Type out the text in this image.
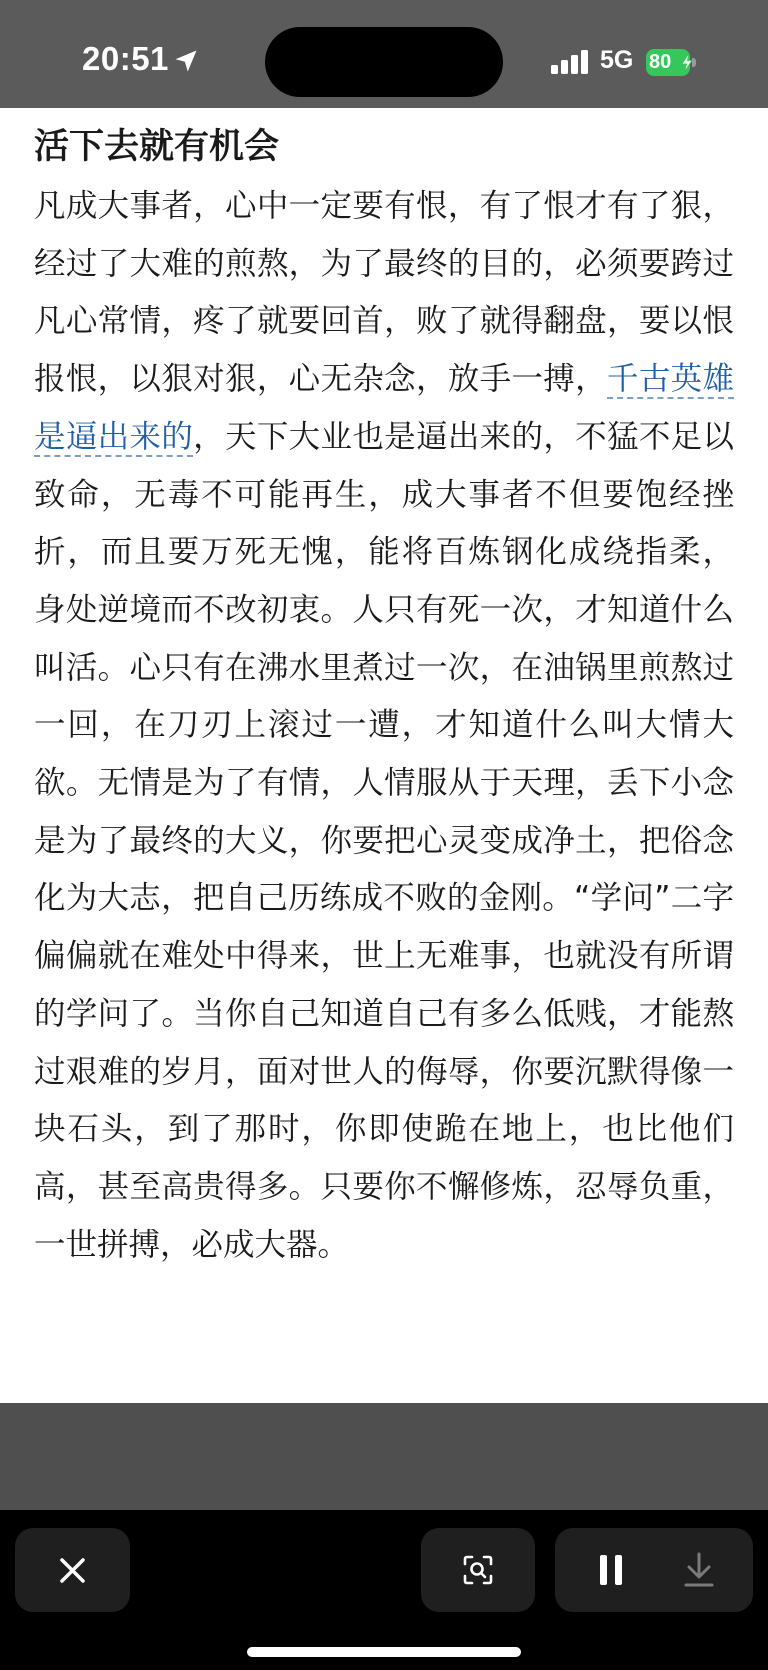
20:51	5G 80
活下去就有机会

凡成大事者，心中一定要有恨，有了恨才有了狠，经过了大难的煎熬，为了最终的目的，必须要跨过凡心常情，疼了就要回首，败了就得翻盘，要以恨报恨，以狠对狠，心无杂念，放手一搏，千古英雄是逼出来的，天下大业也是逼出来的，不猛不足以致命，无毒不可能再生，成大事者不但要饱经挫折，而且要万死无愧，能将百炼钢化成绕指柔， 身处逆境而不改初衷。人只有死一次，才知道什么叫活。心只有在沸水里煮过一次，在油锅里煎熬过一回，在刀刃上滚过一遭，才知道什么叫大情大欲。无情是为了有情，人情服从于天理，丢下小念是为了最终的大义，你要把心灵变成净土，把俗念化为大志，把自己历练成不败的金刚。“学问”二字偏偏就在难处中得来，世上无难事，也就没有所谓的学问了。当你自己知道自己有多么低贱，才能熬过艰难的岁月，面对世人的侮辱，你要沉默得像一块石头，到了那时，你即使跪在地上，也比他们高，甚至高贵得多。只要你不懈修炼，忍辱负重，一世拼搏，必成大器。
